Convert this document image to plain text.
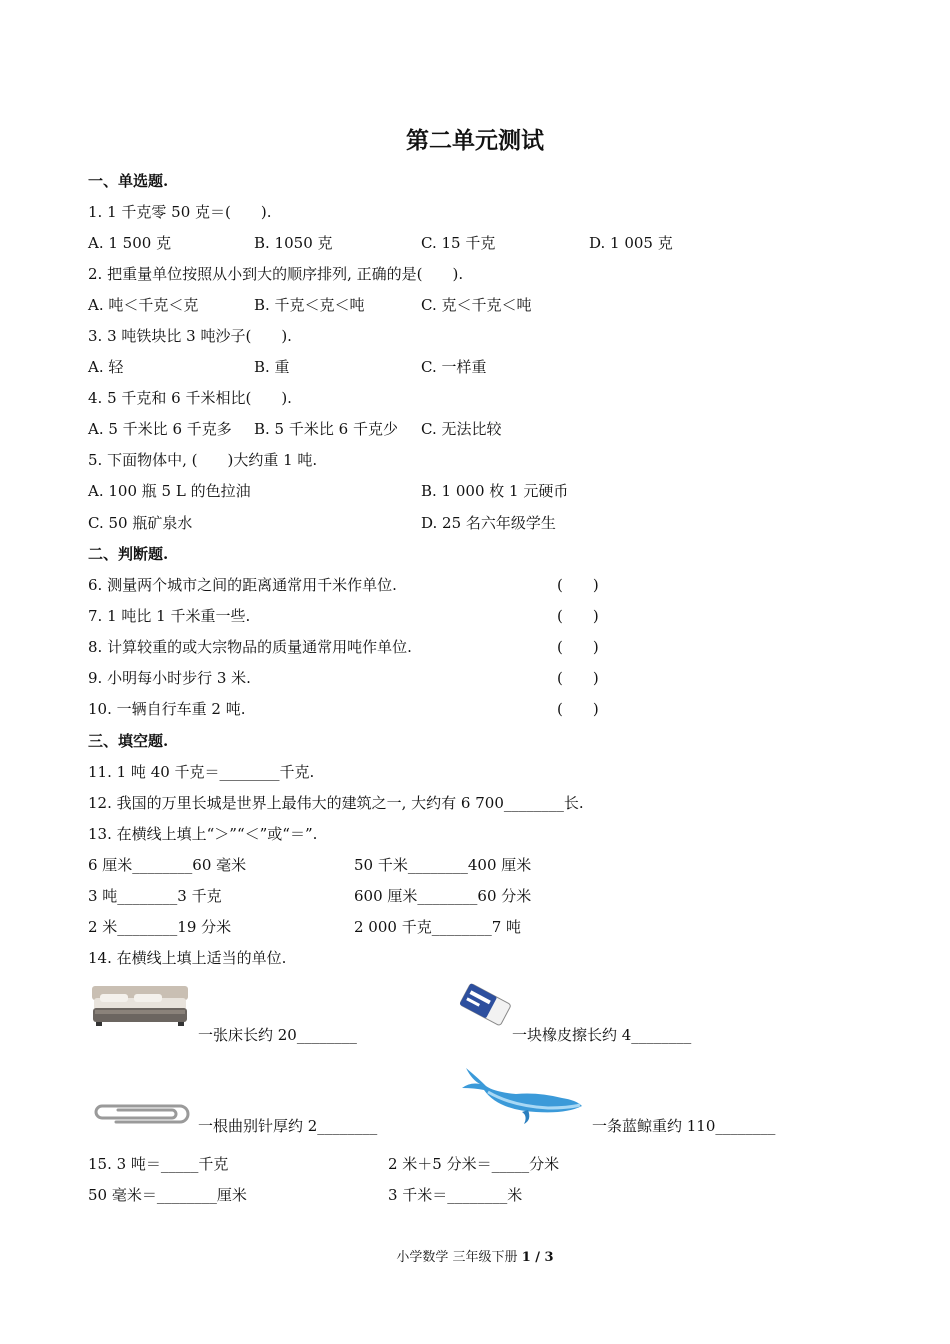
第二单元测试
一、单选题.
1. 1 千克零 50 克＝(　　).
A. 1 500 克	B. 1050 克	C. 15 千克	D. 1 005 克
2. 把重量单位按照从小到大的顺序排列, 正确的是(　　).
A. 吨＜千克＜克	B. 千克＜克＜吨	C. 克＜千克＜吨
3. 3 吨铁块比 3 吨沙子(　　).
A. 轻	B. 重	C. 一样重
4. 5 千克和 6 千米相比(　　).
A. 5 千米比 6 千克多 B. 5 千米比 6 千克少 C. 无法比较
5. 下面物体中, (　　)大约重 1 吨.
A. 100 瓶 5 L 的色拉油	B. 1 000 枚 1 元硬币
C. 50 瓶矿泉水	D. 25 名六年级学生
二、判断题.
6. 测量两个城市之间的距离通常用千米作单位.	(　　)
7. 1 吨比 1 千米重一些.	(　　)
8. 计算较重的或大宗物品的质量通常用吨作单位.	(　　)
9. 小明每小时步行 3 米.	(　　)
10. 一辆自行车重 2 吨.	(　　)
三、填空题.
11. 1 吨 40 千克＝________千克.
12. 我国的万里长城是世界上最伟大的建筑之一, 大约有 6 700________长.
13. 在横线上填上“＞”“＜”或“＝”.
6 厘米________60 毫米	50 千米________400 厘米
3 吨________3 千克	600 厘米________60 分米
2 米________19 分米	2 000 千克________7 吨
14. 在横线上填上适当的单位.
一张床长约 20________	一块橡皮擦长约 4________
一根曲别针厚约 2________	一条蓝鲸重约 110________
15. 3 吨＝_____千克	2 米＋5 分米＝_____分米
50 毫米＝________厘米	3 千米＝________米
小学数学 三年级下册 1 / 3
